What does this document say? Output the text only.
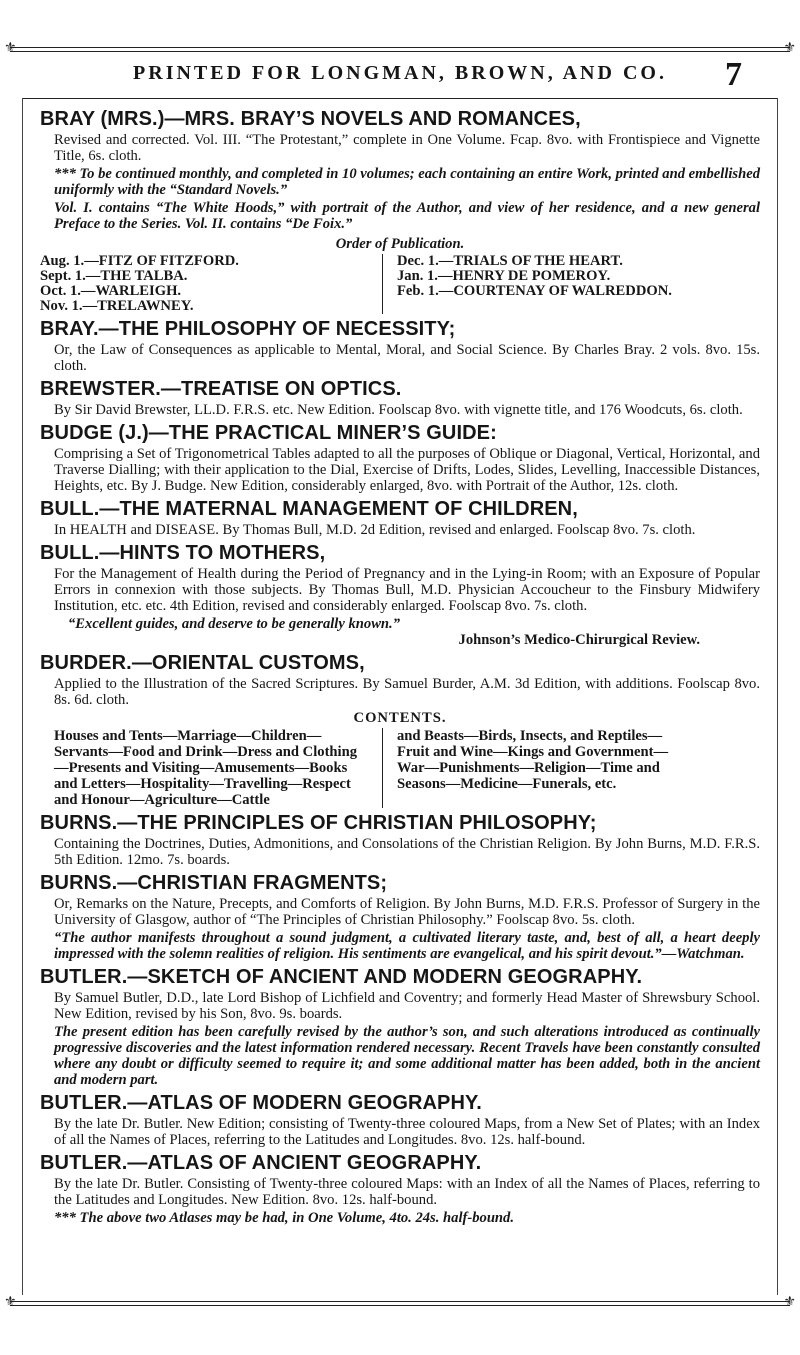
⚜	⚜
PRINTED FOR LONGMAN, BROWN, AND CO.	7
BRAY (MRS.)—MRS. BRAY’S NOVELS AND ROMANCES,

Revised and corrected. Vol. III. “The Protestant,” complete in One Volume. Fcap. 8vo. with Frontispiece and Vignette Title, 6s. cloth.

*** To be continued monthly, and completed in 10 volumes; each containing an entire Work, printed and embellished uniformly with the “Standard Novels.”

Vol. I. contains “The White Hoods,” with portrait of the Author, and view of her residence, and a new general Preface to the Series. Vol. II. contains “De Foix.”

Order of Publication.
Aug. 1.—FITZ OF FITZFORD.
Sept. 1.—THE TALBA.
Oct. 1.—WARLEIGH.
Nov. 1.—TRELAWNEY.
Dec. 1.—TRIALS OF THE HEART.
Jan. 1.—HENRY DE POMEROY.
Feb. 1.—COURTENAY OF WALREDDON.
BRAY.—THE PHILOSOPHY OF NECESSITY;

Or, the Law of Consequences as applicable to Mental, Moral, and Social Science. By Charles Bray. 2 vols. 8vo. 15s. cloth.

BREWSTER.—TREATISE ON OPTICS.

By Sir David Brewster, LL.D. F.R.S. etc. New Edition. Foolscap 8vo. with vignette title, and 176 Woodcuts, 6s. cloth.

BUDGE (J.)—THE PRACTICAL MINER’S GUIDE:

Comprising a Set of Trigonometrical Tables adapted to all the purposes of Oblique or Diagonal, Vertical, Horizontal, and Traverse Dialling; with their application to the Dial, Exercise of Drifts, Lodes, Slides, Levelling, Inaccessible Distances, Heights, etc. By J. Budge. New Edition, considerably enlarged, 8vo. with Portrait of the Author, 12s. cloth.

BULL.—THE MATERNAL MANAGEMENT OF CHILDREN,

In HEALTH and DISEASE. By Thomas Bull, M.D. 2d Edition, revised and enlarged. Foolscap 8vo. 7s. cloth.

BULL.—HINTS TO MOTHERS,

For the Management of Health during the Period of Pregnancy and in the Lying-in Room; with an Exposure of Popular Errors in connexion with those subjects. By Thomas Bull, M.D. Physician Accoucheur to the Finsbury Midwifery Institution, etc. etc. 4th Edition, revised and considerably enlarged. Foolscap 8vo. 7s. cloth.

“Excellent guides, and deserve to be generally known.”

Johnson’s Medico-Chirurgical Review.
BURDER.—ORIENTAL CUSTOMS,

Applied to the Illustration of the Sacred Scriptures. By Samuel Burder, A.M. 3d Edition, with additions. Foolscap 8vo. 8s. 6d. cloth.

CONTENTS.
Houses and Tents—Marriage—Children—Servants—Food and Drink—Dress and Clothing—Presents and Visiting—Amusements—Books and Letters—Hospitality—Travelling—Respect and Honour—Agriculture—Cattle
and Beasts—Birds, Insects, and Reptiles—Fruit and Wine—Kings and Government—War—Punishments—Religion—Time and Seasons—Medicine—Funerals, etc.
BURNS.—THE PRINCIPLES OF CHRISTIAN PHILOSOPHY;

Containing the Doctrines, Duties, Admonitions, and Consolations of the Christian Religion. By John Burns, M.D. F.R.S. 5th Edition. 12mo. 7s. boards.

BURNS.—CHRISTIAN FRAGMENTS;

Or, Remarks on the Nature, Precepts, and Comforts of Religion. By John Burns, M.D. F.R.S. Professor of Surgery in the University of Glasgow, author of “The Principles of Christian Philosophy.” Foolscap 8vo. 5s. cloth.

“The author manifests throughout a sound judgment, a cultivated literary taste, and, best of all, a heart deeply impressed with the solemn realities of religion. His sentiments are evangelical, and his spirit devout.”—Watchman.

BUTLER.—SKETCH OF ANCIENT AND MODERN GEOGRAPHY.

By Samuel Butler, D.D., late Lord Bishop of Lichfield and Coventry; and formerly Head Master of Shrewsbury School. New Edition, revised by his Son, 8vo. 9s. boards.

The present edition has been carefully revised by the author’s son, and such alterations introduced as continually progressive discoveries and the latest information rendered necessary. Recent Travels have been constantly consulted where any doubt or difficulty seemed to require it; and some additional matter has been added, both in the ancient and modern part.

BUTLER.—ATLAS OF MODERN GEOGRAPHY.

By the late Dr. Butler. New Edition; consisting of Twenty-three coloured Maps, from a New Set of Plates; with an Index of all the Names of Places, referring to the Latitudes and Longitudes. 8vo. 12s. half-bound.

BUTLER.—ATLAS OF ANCIENT GEOGRAPHY.

By the late Dr. Butler. Consisting of Twenty-three coloured Maps: with an Index of all the Names of Places, referring to the Latitudes and Longitudes. New Edition. 8vo. 12s. half-bound.

*** The above two Atlases may be had, in One Volume, 4to. 24s. half-bound.

⚜	⚜
